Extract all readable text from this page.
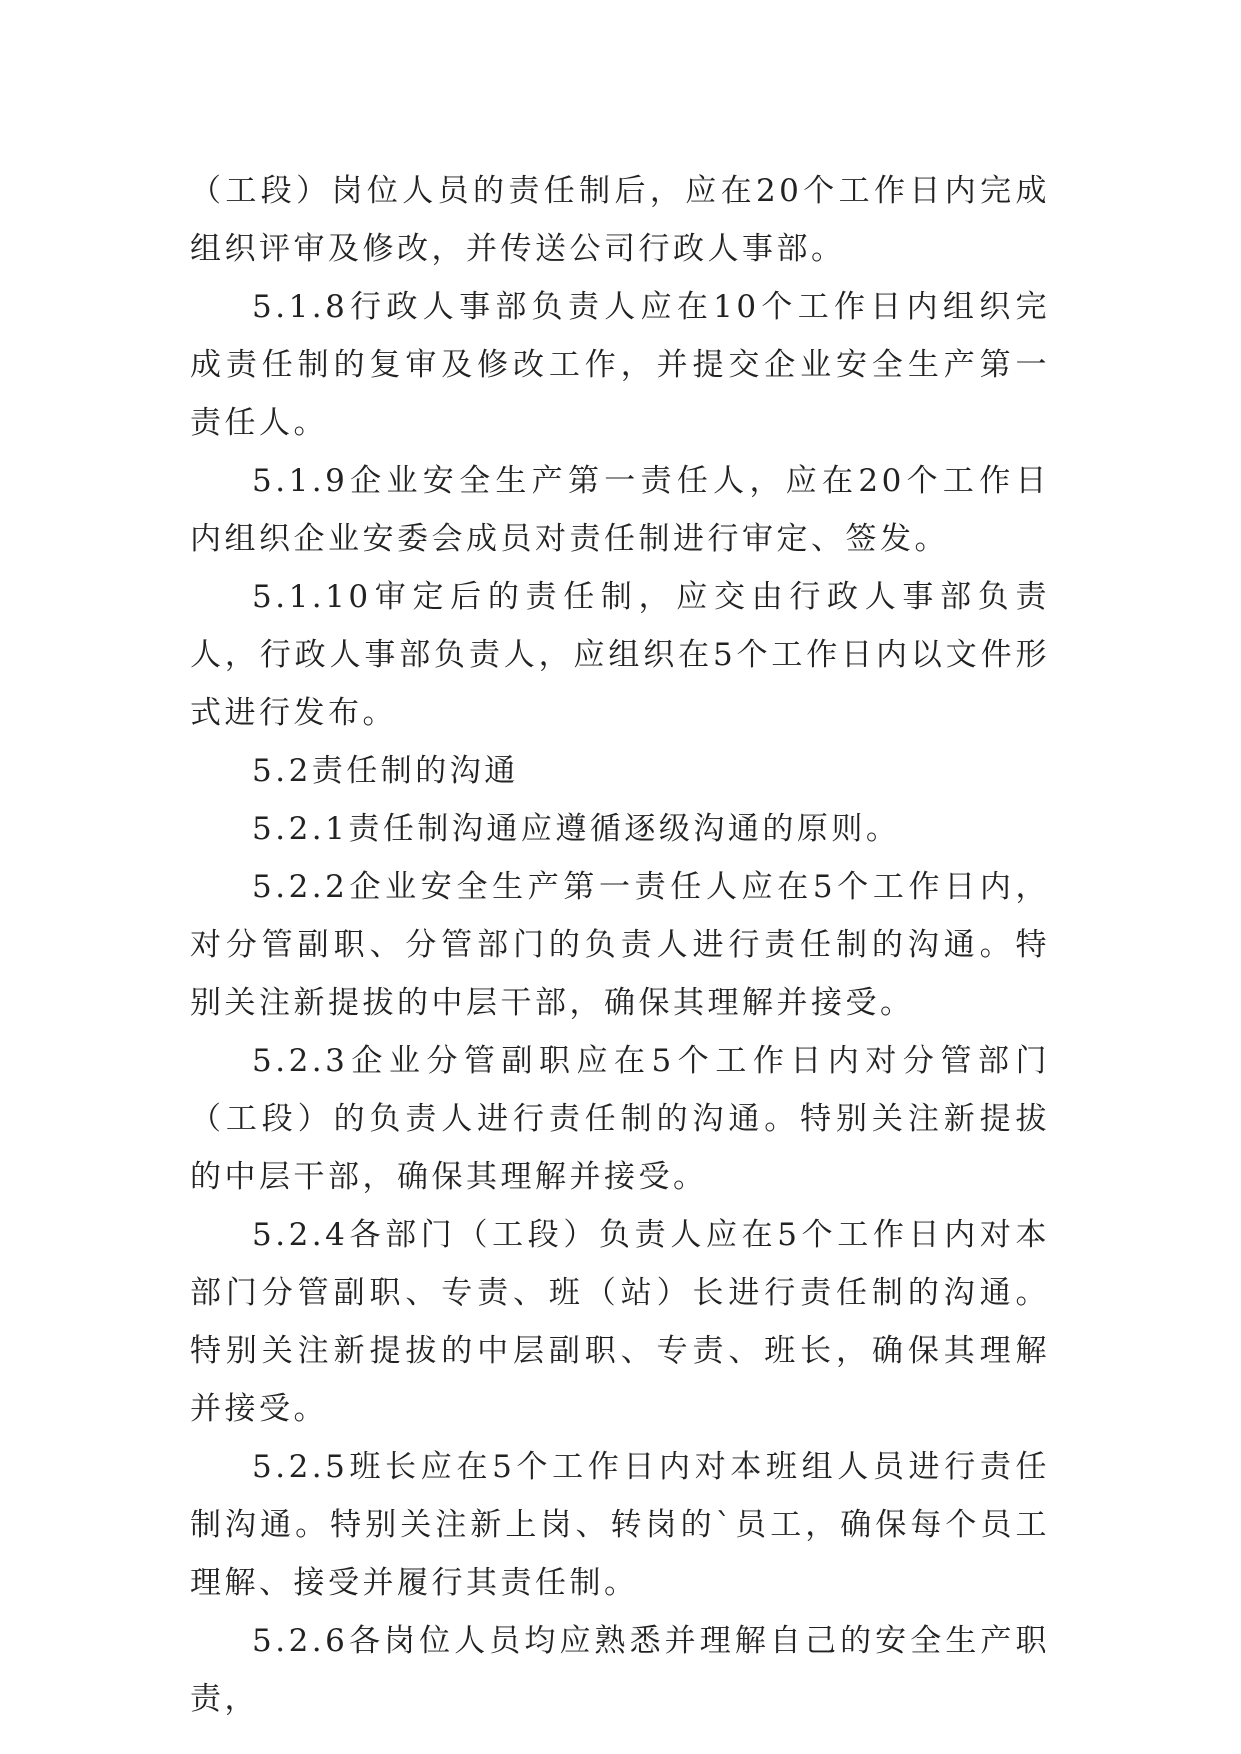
（工段）岗位人员的责任制后，应在20个工作日内完成组织评审及修改，并传送公司行政人事部。

5.1.8行政人事部负责人应在10个工作日内组织完成责任制的复审及修改工作，并提交企业安全生产第一责任人。

5.1.9企业安全生产第一责任人，应在20个工作日内组织企业安委会成员对责任制进行审定、签发。

5.1.10审定后的责任制，应交由行政人事部负责人，行政人事部负责人，应组织在5个工作日内以文件形式进行发布。

5.2责任制的沟通

5.2.1责任制沟通应遵循逐级沟通的原则。

5.2.2企业安全生产第一责任人应在5个工作日内，对分管副职、分管部门的负责人进行责任制的沟通。特别关注新提拔的中层干部，确保其理解并接受。

5.2.3企业分管副职应在5个工作日内对分管部门（工段）的负责人进行责任制的沟通。特别关注新提拔的中层干部，确保其理解并接受。

5.2.4各部门（工段）负责人应在5个工作日内对本部门分管副职、专责、班（站）长进行责任制的沟通。特别关注新提拔的中层副职、专责、班长，确保其理解并接受。

5.2.5班长应在5个工作日内对本班组人员进行责任制沟通。特别关注新上岗、转岗的`员工，确保每个员工理解、接受并履行其责任制。

5.2.6各岗位人员均应熟悉并理解自己的安全生产职责，
